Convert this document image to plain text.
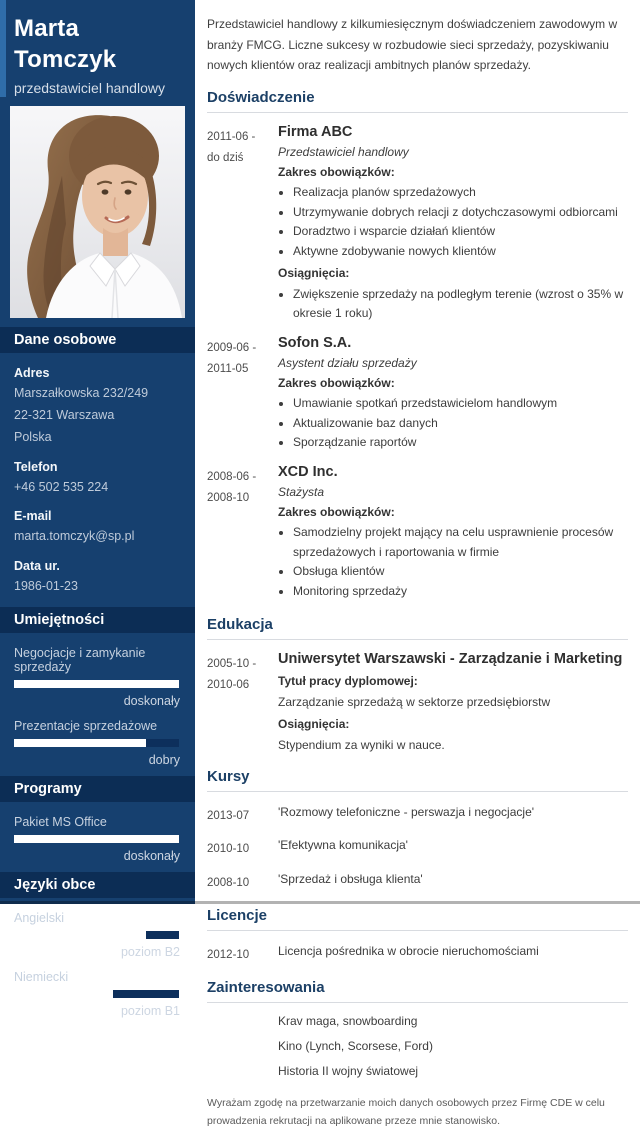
Marta
Tomczyk
przedstawiciel handlowy
Dane osobowe
Adres
Marszałkowska 232/249
22-321 Warszawa
Polska
Telefon
+46 502 535 224
E-mail
marta.tomczyk@sp.pl
Data ur.
1986-01-23
Umiejętności
Negocjacje i zamykanie sprzedaży
doskonały
Prezentacje sprzedażowe
dobry
Programy
Pakiet MS Office
doskonały
Języki obce
Angielski
poziom B2
Niemiecki
poziom B1

Przedstawiciel handlowy z kilkumiesięcznym doświadczeniem zawodowym w branży FMCG. Liczne sukcesy w rozbudowie sieci sprzedaży, pozyskiwaniu nowych klientów oraz realizacji ambitnych planów sprzedaży.

Doświadczenie
2011-06 -
do dziś
Firma ABC
Przedstawiciel handlowy
Zakres obowiązków:
• Realizacja planów sprzedażowych
• Utrzymywanie dobrych relacji z dotychczasowymi odbiorcami
• Doradztwo i wsparcie działań klientów
• Aktywne zdobywanie nowych klientów
Osiągnięcia:
• Zwiększenie sprzedaży na podległym terenie (wzrost o 35% w okresie 1 roku)
2009-06 -
2011-05
Sofon S.A.
Asystent działu sprzedaży
Zakres obowiązków:
• Umawianie spotkań przedstawicielom handlowym
• Aktualizowanie baz danych
• Sporządzanie raportów
2008-06 -
2008-10
XCD Inc.
Stażysta
Zakres obowiązków:
• Samodzielny projekt mający na celu usprawnienie procesów sprzedażowych i raportowania w firmie
• Obsługa klientów
• Monitoring sprzedaży
Edukacja
2005-10 -
2010-06
Uniwersytet Warszawski - Zarządzanie i Marketing
Tytuł pracy dyplomowej:
Zarządzanie sprzedażą w sektorze przedsiębiorstw
Osiągnięcia:
Stypendium za wyniki w nauce.
Kursy
2013-07	'Rozmowy telefoniczne - perswazja i negocjacje'
2010-10	'Efektywna komunikacja'
2008-10	'Sprzedaż i obsługa klienta'
Licencje
2012-10	Licencja pośrednika w obrocie nieruchomościami
Zainteresowania
Krav maga, snowboarding
Kino (Lynch, Scorsese, Ford)
Historia II wojny światowej

Wyrażam zgodę na przetwarzanie moich danych osobowych przez Firmę CDE w celu prowadzenia rekrutacji na aplikowane przeze mnie stanowisko.
